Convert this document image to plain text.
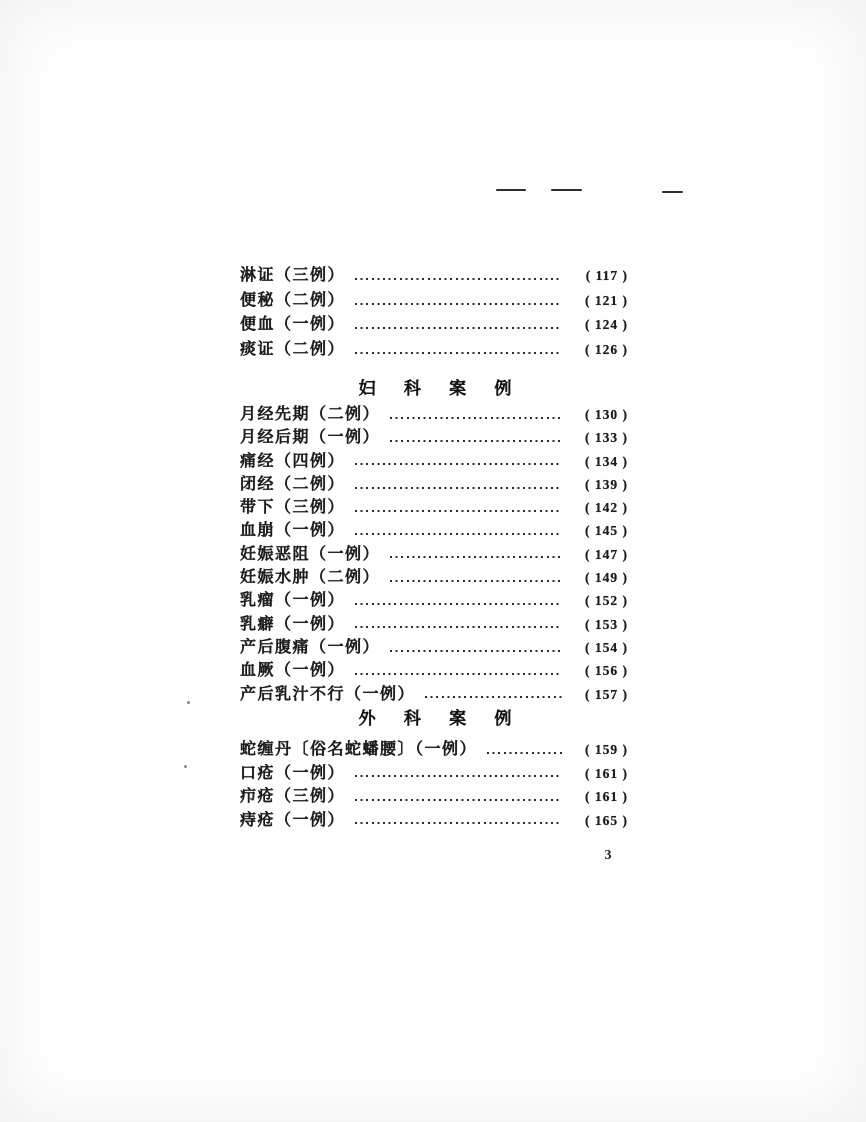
淋证（三例）	( 117 )
便秘（二例）	( 121 )
便血（一例）	( 124 )
痰证（二例）	( 126 )
妇 科 案 例
月经先期（二例）	( 130 )
月经后期（一例）	( 133 )
痛经（四例）	( 134 )
闭经（二例）	( 139 )
带下（三例）	( 142 )
血崩（一例）	( 145 )
妊娠恶阻（一例）	( 147 )
妊娠水肿（二例）	( 149 )
乳瘤（一例）	( 152 )
乳癖（一例）	( 153 )
产后腹痛（一例）	( 154 )
血厥（一例）	( 156 )
产后乳汁不行（一例）	( 157 )
外 科 案 例
蛇缠丹〔俗名蛇蟠腰〕（一例）	( 159 )
口疮（一例）	( 161 )
疖疮（三例）	( 161 )
痔疮（一例）	( 165 )
3
